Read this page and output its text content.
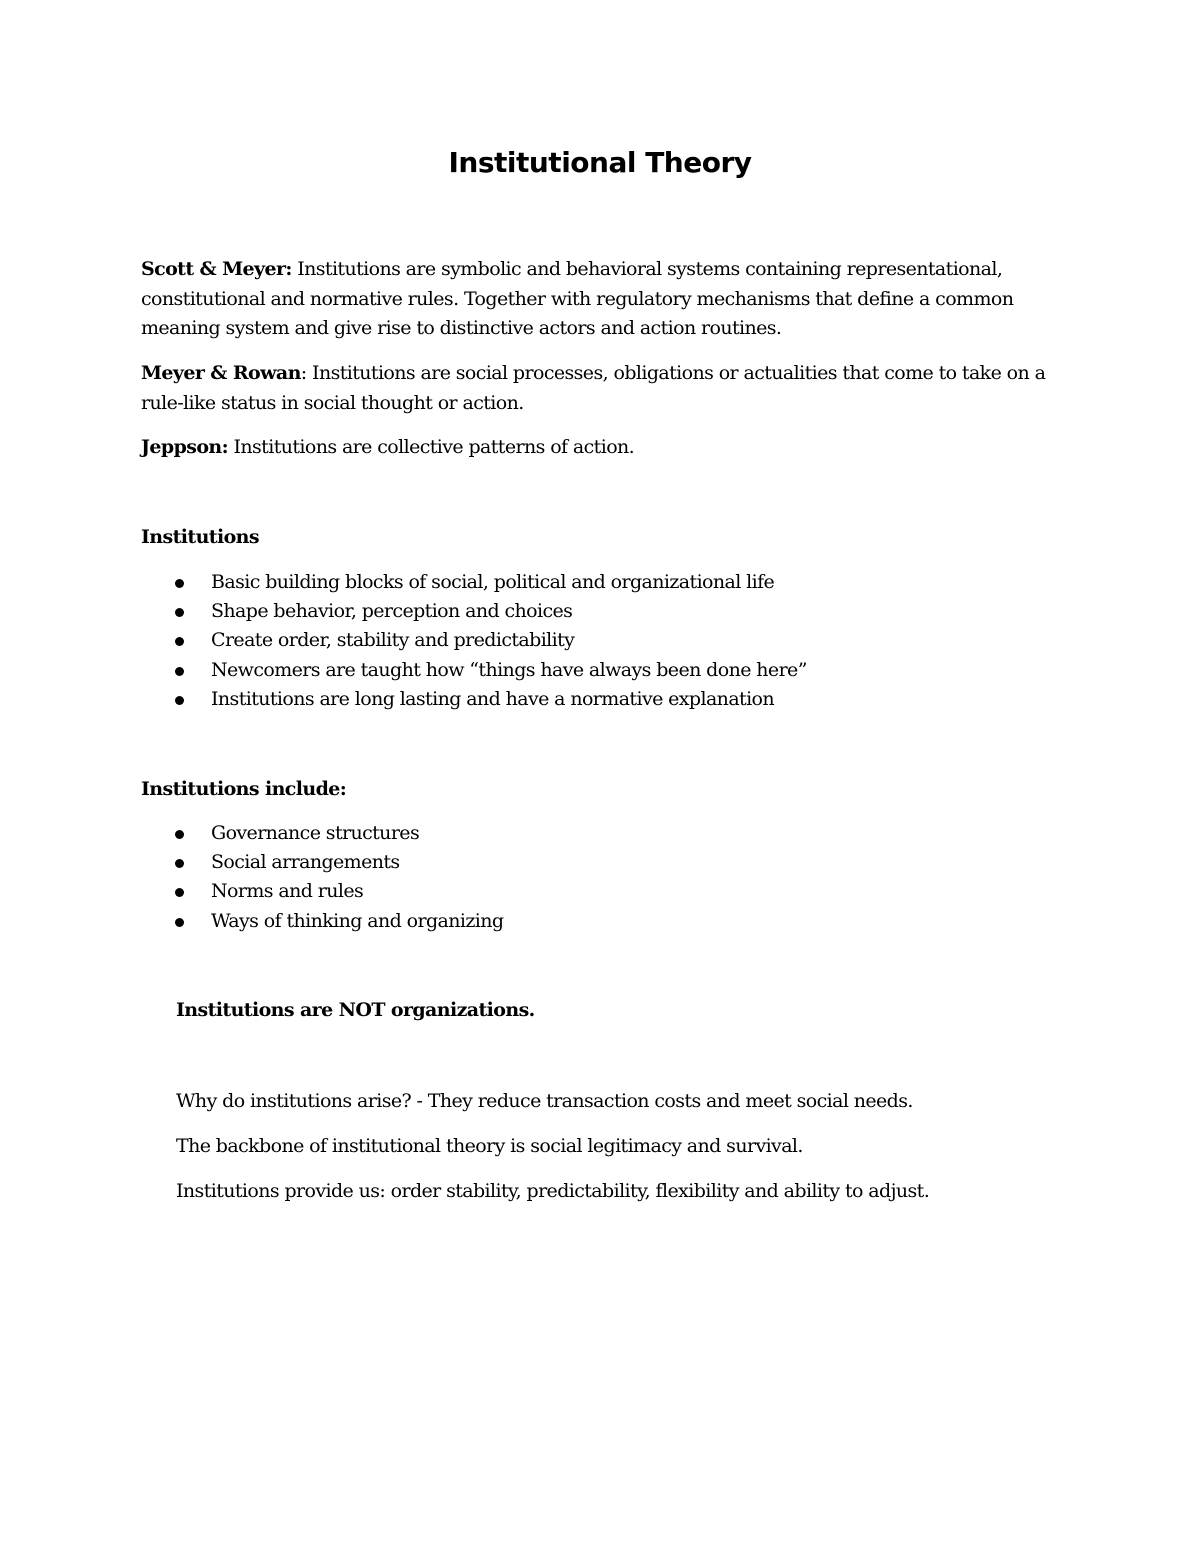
Institutional Theory

Scott & Meyer: Institutions are symbolic and behavioral systems containing representational, constitutional and normative rules. Together with regulatory mechanisms that define a common meaning system and give rise to distinctive actors and action routines.

Meyer & Rowan: Institutions are social processes, obligations or actualities that come to take on a rule-like status in social thought or action.

Jeppson: Institutions are collective patterns of action.

Institutions
Basic building blocks of social, political and organizational life
Shape behavior, perception and choices
Create order, stability and predictability
Newcomers are taught how “things have always been done here”
Institutions are long lasting and have a normative explanation
Institutions include:
Governance structures
Social arrangements
Norms and rules
Ways of thinking and organizing
Institutions are NOT organizations.
Why do institutions arise? - They reduce transaction costs and meet social needs.
The backbone of institutional theory is social legitimacy and survival.
Institutions provide us: order stability, predictability, flexibility and ability to adjust.
